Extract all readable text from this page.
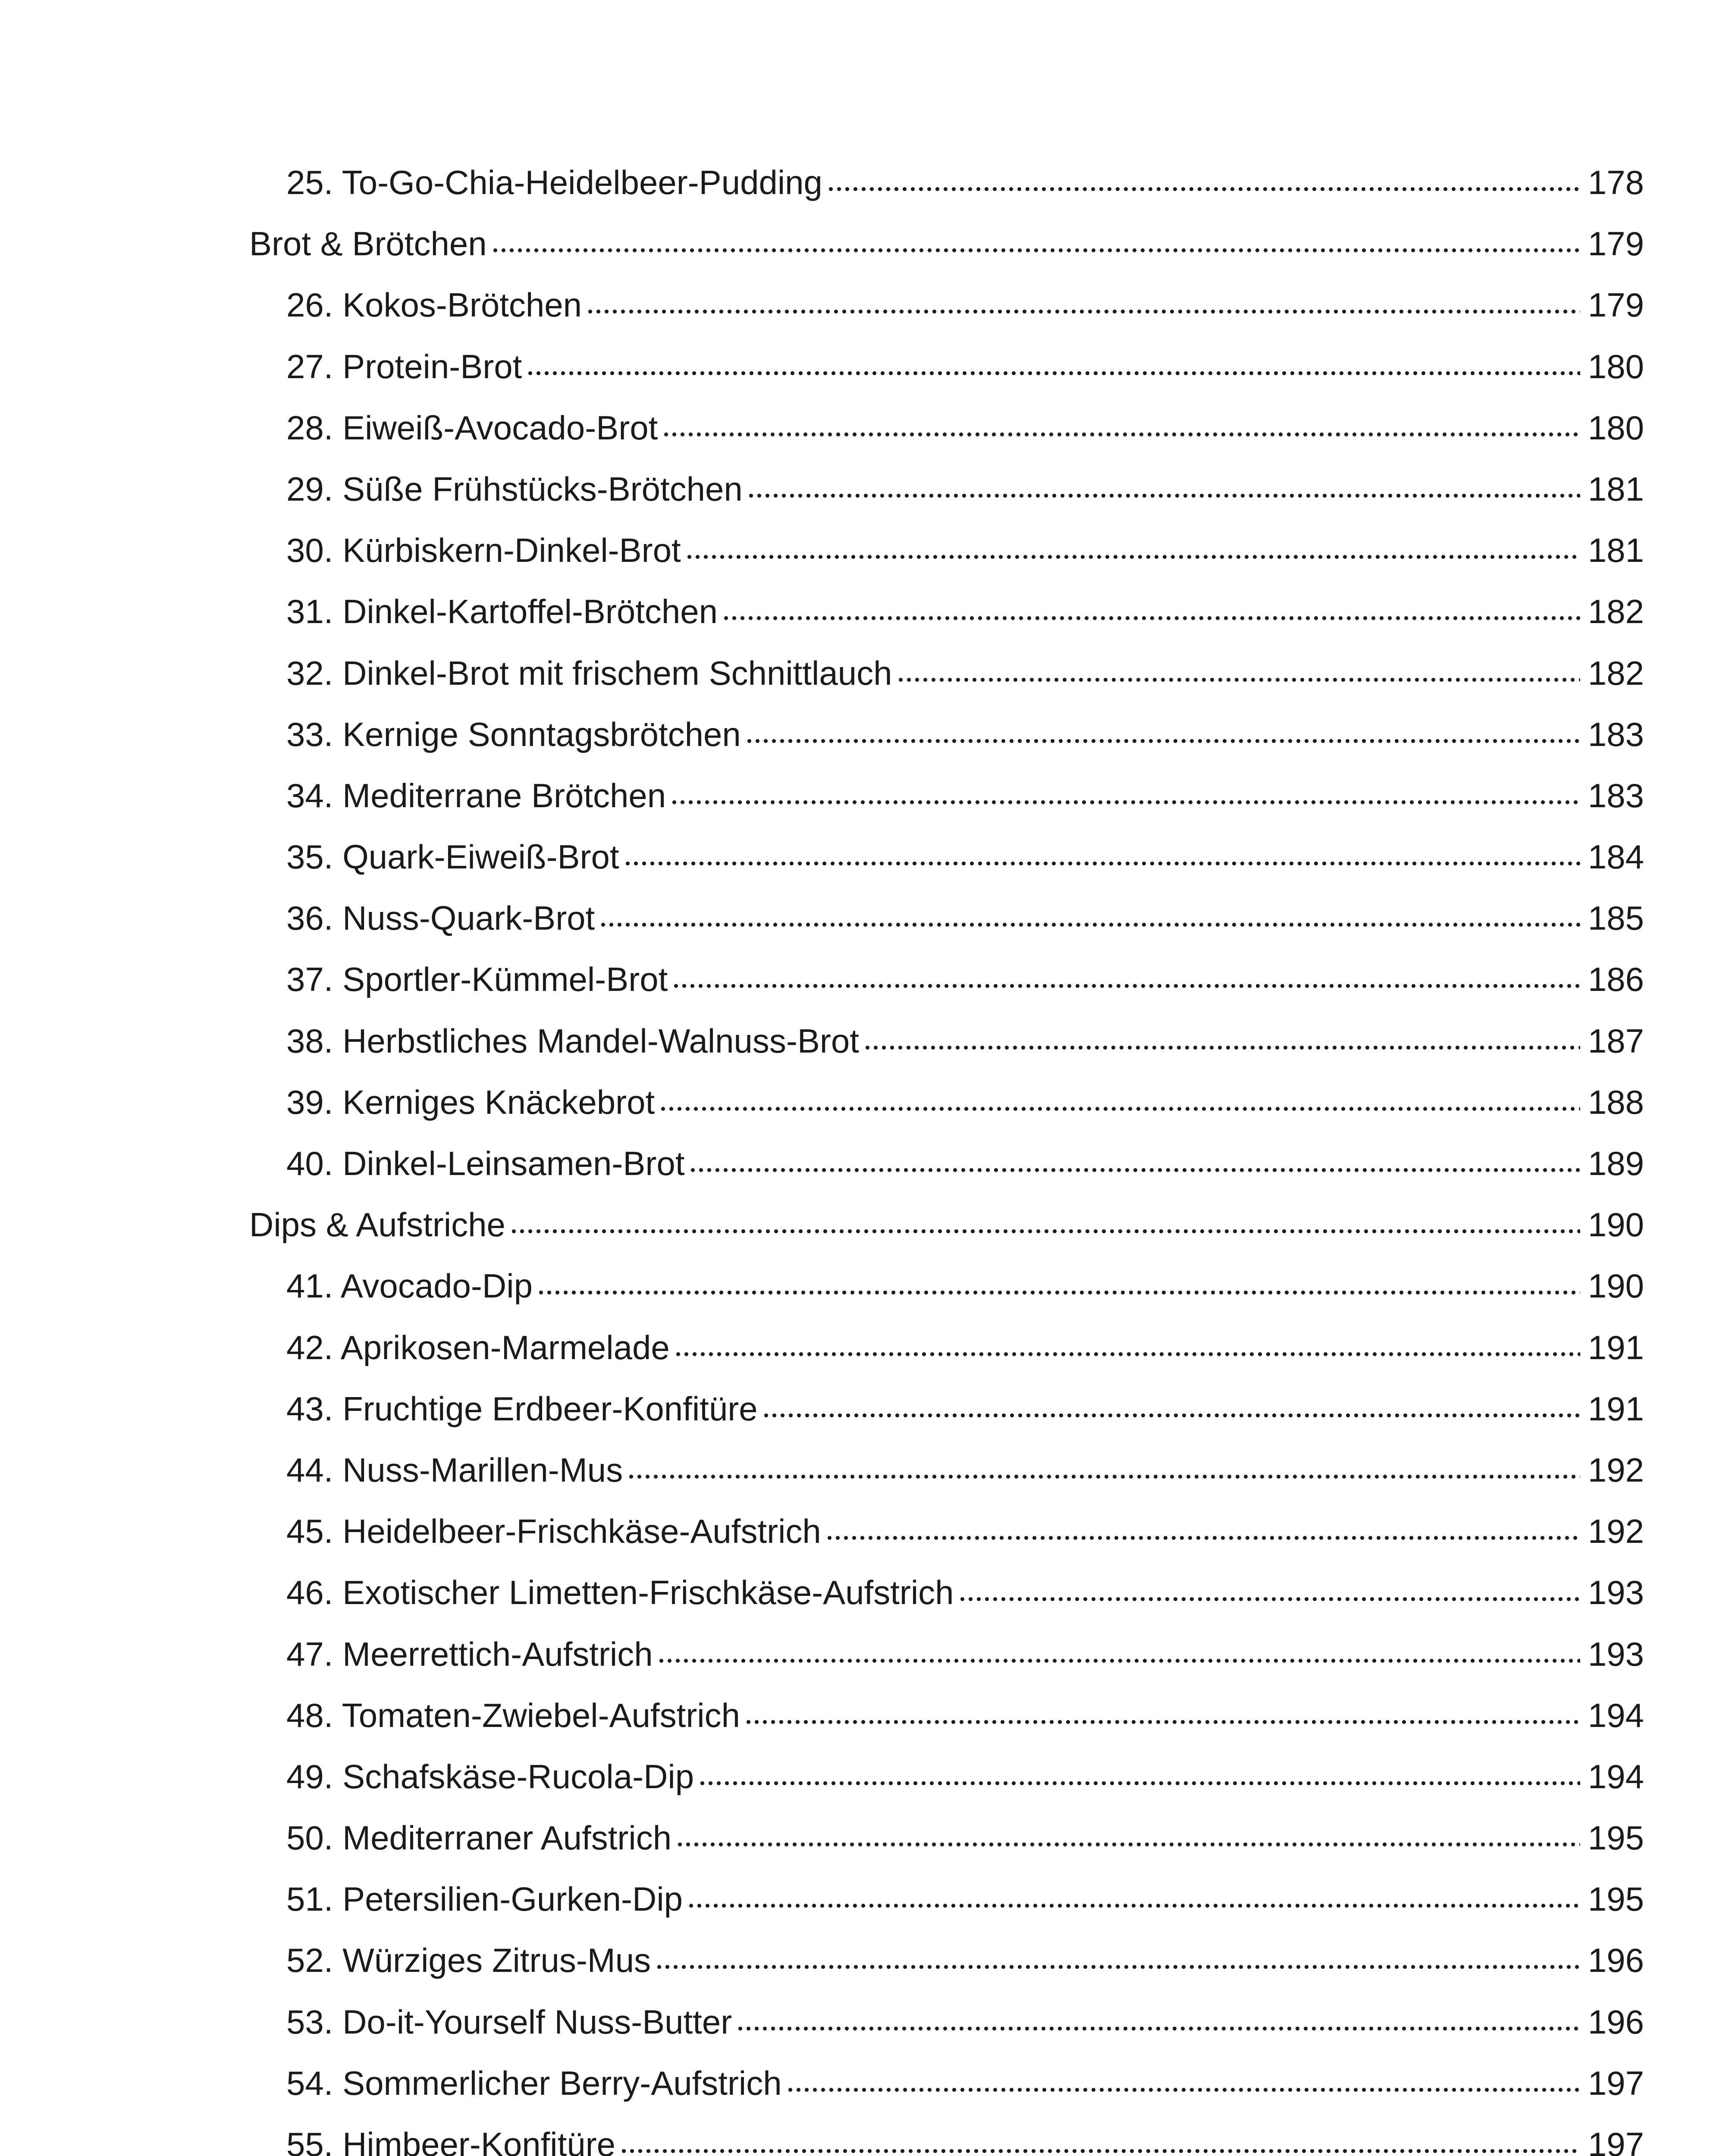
25. To-Go-Chia-Heidelbeer-Pudding	178
Brot & Brötchen	179
26. Kokos-Brötchen	179
27. Protein-Brot	180
28. Eiweiß-Avocado-Brot	180
29. Süße Frühstücks-Brötchen	181
30. Kürbiskern-Dinkel-Brot	181
31. Dinkel-Kartoffel-Brötchen	182
32. Dinkel-Brot mit frischem Schnittlauch	182
33. Kernige Sonntagsbrötchen	183
34. Mediterrane Brötchen	183
35. Quark-Eiweiß-Brot	184
36. Nuss-Quark-Brot	185
37. Sportler-Kümmel-Brot	186
38. Herbstliches Mandel-Walnuss-Brot	187
39. Kerniges Knäckebrot	188
40. Dinkel-Leinsamen-Brot	189
Dips & Aufstriche	190
41. Avocado-Dip	190
42. Aprikosen-Marmelade	191
43. Fruchtige Erdbeer-Konfitüre	191
44. Nuss-Marillen-Mus	192
45. Heidelbeer-Frischkäse-Aufstrich	192
46. Exotischer Limetten-Frischkäse-Aufstrich	193
47. Meerrettich-Aufstrich	193
48. Tomaten-Zwiebel-Aufstrich	194
49. Schafskäse-Rucola-Dip	194
50. Mediterraner Aufstrich	195
51. Petersilien-Gurken-Dip	195
52. Würziges Zitrus-Mus	196
53. Do-it-Yourself Nuss-Butter	196
54. Sommerlicher Berry-Aufstrich	197
55. Himbeer-Konfitüre	197
